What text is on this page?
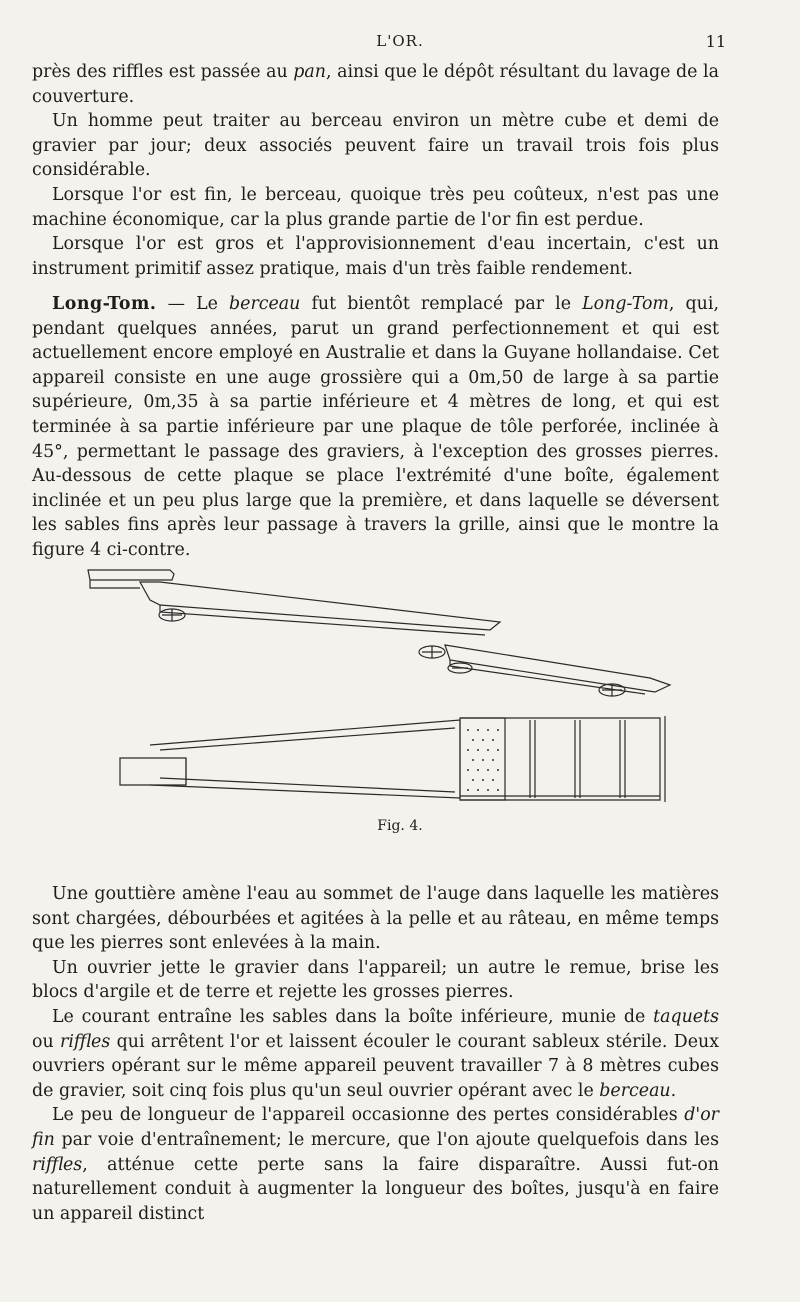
L'OR.	11

près des riffles est passée au pan, ainsi que le dépôt résultant du lavage de la couverture.

Un homme peut traiter au berceau environ un mètre cube et demi de gravier par jour; deux associés peuvent faire un travail trois fois plus considérable.

Lorsque l'or est fin, le berceau, quoique très peu coûteux, n'est pas une machine économique, car la plus grande partie de l'or fin est perdue.

Lorsque l'or est gros et l'approvisionnement d'eau incertain, c'est un instrument primitif assez pratique, mais d'un très faible rendement.

Long-Tom. — Le berceau fut bientôt remplacé par le Long-Tom, qui, pendant quelques années, parut un grand perfectionnement et qui est actuellement encore employé en Australie et dans la Guyane hollandaise. Cet appareil consiste en une auge grossière qui a 0m,50 de large à sa partie supérieure, 0m,35 à sa partie inférieure et 4 mètres de long, et qui est terminée à sa partie inférieure par une plaque de tôle perforée, inclinée à 45°, permettant le passage des graviers, à l'exception des grosses pierres. Au-dessous de cette plaque se place l'extrémité d'une boîte, également inclinée et un peu plus large que la première, et dans laquelle se déversent les sables fins après leur passage à travers la grille, ainsi que le montre la figure 4 ci-contre.

Fig. 4.

Une gouttière amène l'eau au sommet de l'auge dans laquelle les matières sont chargées, débourbées et agitées à la pelle et au râteau, en même temps que les pierres sont enlevées à la main.

Un ouvrier jette le gravier dans l'appareil; un autre le remue, brise les blocs d'argile et de terre et rejette les grosses pierres.

Le courant entraîne les sables dans la boîte inférieure, munie de taquets ou riffles qui arrêtent l'or et laissent écouler le courant sableux stérile. Deux ouvriers opérant sur le même appareil peuvent travailler 7 à 8 mètres cubes de gravier, soit cinq fois plus qu'un seul ouvrier opérant avec le berceau.

Le peu de longueur de l'appareil occasionne des pertes considérables d'or fin par voie d'entraînement; le mercure, que l'on ajoute quelquefois dans les riffles, atténue cette perte sans la faire disparaître. Aussi fut-on naturellement conduit à augmenter la longueur des boîtes, jusqu'à en faire un appareil distinct
